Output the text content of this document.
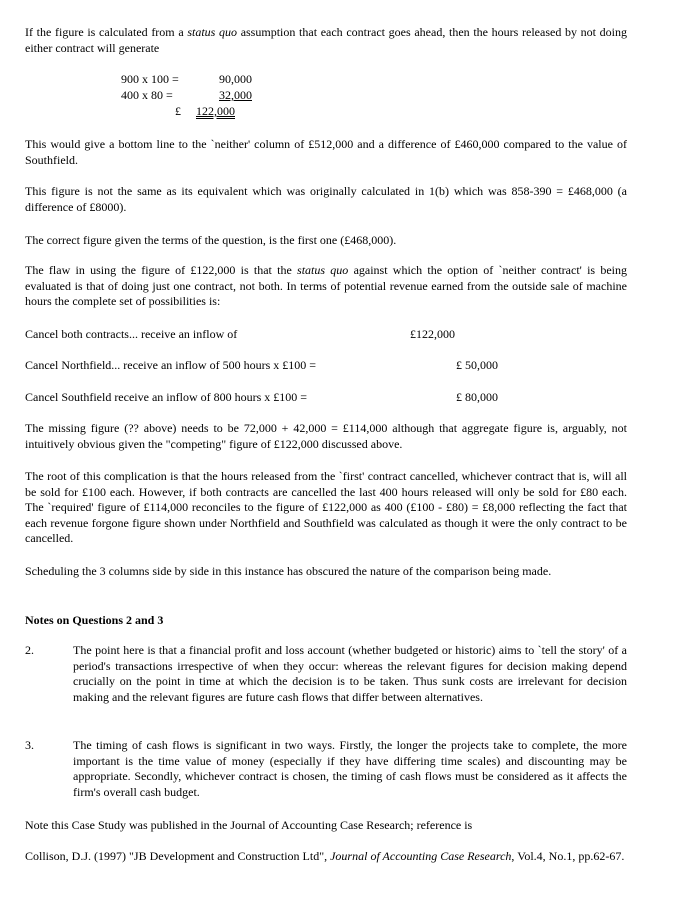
If the figure is calculated from a status quo assumption that each contract goes ahead, then the hours released by not doing either contract will generate

900 x 100 =	90,000
400 x 80 =	32,000
£ 122,000

This would give a bottom line to the `neither' column of £512,000 and a difference of £460,000 compared to the value of Southfield.

This figure is not the same as its equivalent which was originally calculated in 1(b) which was 858-390 = £468,000 (a difference of £8000).

The correct figure given the terms of the question, is the first one (£468,000).

The flaw in using the figure of £122,000 is that the status quo against which the option of `neither contract' is being evaluated is that of doing just one contract, not both. In terms of potential revenue earned from the outside sale of machine hours the complete set of possibilities is:

Cancel both contracts... receive an inflow of	£122,000
Cancel Northfield... receive an inflow of 500 hours x £100 =	£ 50,000
Cancel Southfield receive an inflow of 800 hours x £100 =	£ 80,000

The missing figure (?? above) needs to be 72,000 + 42,000 = £114,000 although that aggregate figure is, arguably, not intuitively obvious given the "competing" figure of £122,000 discussed above.

The root of this complication is that the hours released from the `first' contract cancelled, whichever contract that is, will all be sold for £100 each. However, if both contracts are cancelled the last 400 hours released will only be sold for £80 each. The `required' figure of £114,000 reconciles to the figure of £122,000 as 400 (£100 - £80) = £8,000 reflecting the fact that each revenue forgone figure shown under Northfield and Southfield was calculated as though it were the only contract to be cancelled.

Scheduling the 3 columns side by side in this instance has obscured the nature of the comparison being made.

Notes on Questions 2 and 3
2.	The point here is that a financial profit and loss account (whether budgeted or historic) aims to `tell the story' of a period's transactions irrespective of when they occur: whereas the relevant figures for decision making depend crucially on the point in time at which the decision is to be taken. Thus sunk costs are irrelevant for decision making and the relevant figures are future cash flows that differ between alternatives.

3.	The timing of cash flows is significant in two ways. Firstly, the longer the projects take to complete, the more important is the time value of money (especially if they have differing time scales) and discounting may be appropriate. Secondly, whichever contract is chosen, the timing of cash flows must be considered as it affects the firm's overall cash budget.

Note this Case Study was published in the Journal of Accounting Case Research; reference is

Collison, D.J. (1997) "JB Development and Construction Ltd", Journal of Accounting Case Research, Vol.4, No.1, pp.62-67.
